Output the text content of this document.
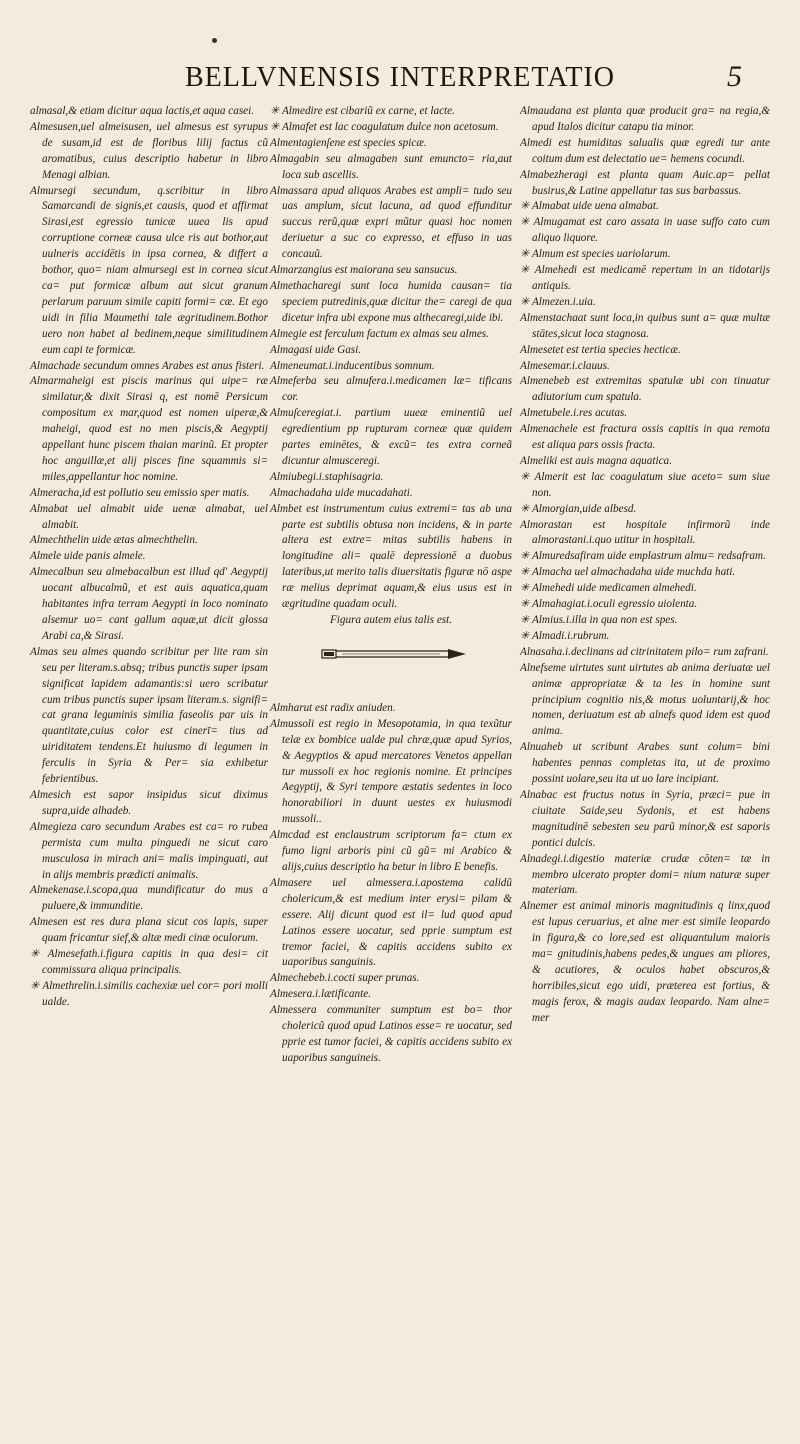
BELLVNENSIS INTERPRETATIO	5

almasal,& etiam dicitur aqua lactis,et aqua casei.

Almesusen,uel almeisusen, uel almesus est syrupus de susam,id est de floribus lilij factus cũ aromatibus, cuius descriptio habetur in libro Menagi albian.

Almursegi secundum, q.scribitur in libro Samarcandi de signis,et causis, quod et affirmat Sirasi,est egressio tunicæ uuea lis apud corruptione corneæ causa ulce ris aut bothor,aut uulneris accidētis in ipsa cornea, & differt a bothor, quo= niam almursegi est in cornea sicut ca= put formicæ album aut sicut granum perlarum paruum simile capiti formi= cæ. Et ego uidi in filia Maumethi tale ægritudinem.Bothor uero non habet al bedinem,neque similitudinem eum capi te formicæ.

Almachade secundum omnes Arabes est anus fisteri.

Almarmaheigi est piscis marinus qui uipe= ræ similatur,& dixit Sirasi q, est nomē Persicum compositum ex mar,quod est nomen uiperæ,& maheigi, quod est no men piscis,& Aegyptij appellant hunc piscem thaian marinũ. Et propter hoc anguillæ,et alij pisces fine squammis si= miles,appellantur hoc nomine.

Almeracha,id est pollutio seu emissio sper matis.

Almabat uel almabit uide uenæ almabat, uel almabit.

Almechthelin uide ætas almechthelin.

Almele uide panis almele.

Almecalbun seu almebacalbun est illud qd' Aegyptij uocant albucalmũ, et est auis aquatica,quam habitantes infra terram Aegypti in loco nominato alsemur uo= cant gallum aquæ,ut dicit glossa Arabi ca,& Sirasi.

Almas seu almes quando scribitur per lite ram sin seu per literam.s.absq; tribus punctis super ipsam significat lapidem adamantis:si uero scribatur cum tribus punctis super ipsam literam.s. signifi= cat grana leguminis similia faseolis par uis in quantitate,cuius color est cinerī= tius ad uiriditatem tendens.Et huiusmo di legumen in ferculis in Syria & Per= sia exhibetur febrientibus.

Almesich est sapor insipidus sicut diximus supra,uide alhadeb.

Almegieza caro secundum Arabes est ca= ro rubea permista cum multa pinguedi ne sicut caro musculosa in mirach ani= malis impinguati, aut in alijs membris prædicti animalis.

Almekenase.i.scopa,qua mundificatur do mus a puluere,& immunditie.

Almesen est res dura plana sicut cos lapis, super quam fricantur sief,& altæ medi cinæ oculorum.

✳ Almesefath.i.figura capitis in qua desi= cit commissura aliqua principalis.

✳ Almethrelin.i.similis cachexiæ uel cor= pori molli ualde.

✳ Almedire est cibariũ ex carne, et lacte.

✳ Almafet est lac coagulatum dulce non acetosum.

Almentagienſene est species spicæ.

Almagabin seu almagaben sunt emuncto= ria,aut loca sub ascellis.

Almassara apud aliquos Arabes est ampli= tudo seu uas amplum, sicut lacuna, ad quod effunditur succus rerũ,quæ expri mũtur quasi hoc nomen deriuetur a suc co expresso, et effuso in uas concauũ.

Almarzangius est maiorana seu sansucus.

Almethacharegi sunt loca humida causan= tia speciem putredinis,quæ dicitur the= caregi de qua dicetur infra ubi expone mus althecaregi,uide ibi.

Almegie est ferculum factum ex almas seu almes.

Almagasi uide Gasi.

Almeneumat.i.inducentibus somnum.

Almeferba seu almufera.i.medicamen læ= tificans cor.

Almuſceregiat.i. partium uueæ eminentiũ uel egredientium pp rupturam corneæ quæ quidem partes eminētes, & excũ= tes extra corneã dicuntur almusceregi.

Almiubegi.i.staphisagria.

Almachadaha uide mucadahati.

Almbet est instrumentum cuius extremi= tas ab una parte est subtilis obtusa non incidens, & in parte altera est extre= mitas subtilis habens in longitudine ali= qualē depressionē a duobus lateribus,ut merito talis diuersitatis figuræ nō aspe ræ melius deprimat aquam,& eius usus est in ægritudine quadam oculi.

Figura autem eius talis est.

Almharut est radix aniuden.

Almussoli est regio in Mesopotamia, in qua texũtur telæ ex bombice ualde pul chræ,quæ apud Syrios, & Aegyptios & apud mercatores Venetos appellan tur mussoli ex hoc regionis nomine. Et principes Aegyptij, & Syri tempore æstatis sedentes in loco honorabiliori in duunt uestes ex huiusmodi mussoli..

Almcdad est enclaustrum scriptorum fa= ctum ex fumo ligni arboris pini cũ gũ= mi Arabico & alijs,cuius descriptio ha betur in libro E benefis.

Almasere uel almessera.i.apostema calidũ cholericum,& est medium inter erysi= pilam & essere. Alij dicunt quod est il= lud quod apud Latinos essere uocatur, sed pprie sumptum est tremor faciei, & capitis accidens subito ex uaporibus sanguinis.

Almechebeb.i.cocti super prunas.

Almesera.i.lætificante.

Almessera communiter sumptum est bo= thor cholericũ quod apud Latinos esse= re uocatur, sed pprie est tumor faciei, & capitis accidens subito ex uaporibus sanguineis.

Almaudana est planta quæ producit gra= na regia,& apud Italos dicitur catapu tia minor.

Almedi est humiditas salualis quæ egredi tur ante coitum dum est delectatio ue= hemens cocundi.

Almabezheragi est planta quam Auic.ap= pellat busirus,& Latine appellatur tas sus barbassus.

✳ Almabat uide uena almabat.

✳ Almugamat est caro assata in uase suffo cato cum aliquo liquore.

✳ Almum est species uariolarum.

✳ Almehedi est medicamē repertum in an tidotarijs antiquis.

✳ Almezen.i.uia.

Almenstachaat sunt loca,in quibus sunt a= quæ multæ stātes,sicut loca stagnosa.

Almesetet est tertia species hecticæ.

Almesemar.i.clauus.

Almenebeb est extremitas spatulæ ubi con tinuatur adiutorium cum spatula.

Almetubele.i.res acutas.

Almenachele est fractura ossis capitis in qua remota est aliqua pars ossis fracta.

Almeliki est auis magna aquatica.

✳ Almerit est lac coagulatum siue aceto= sum siue non.

✳ Almorgian,uide albesd.

Almorastan est hospitale infirmorũ inde almorastani.i.quo utitur in hospitali.

✳ Almuredsafiram uide emplastrum almu= redsafram.

✳ Almacha uel almachadaha uide muchda hati.

✳ Almehedi uide medicamen almehedi.

✳ Almahagiat.i.oculi egressio uiolenta.

✳ Almius.i.illa in qua non est spes.

✳ Almadi.i.rubrum.

Alnasaha.i.declinans ad citrinitatem pilo= rum zafrani.

Alnefseme uirtutes sunt uirtutes ab anima deriuatæ uel animæ appropriatæ & ta les in homine sunt principium cognitio nis,& motus uoluntarij,& hoc nomen, deriuatum est ab alnefs quod idem est quod anima.

Alnuaheb ut scribunt Arabes sunt colum= bini habentes pennas completas ita, ut de proximo possint uolare,seu ita ut uo lare incipiant.

Alnabac est fructus notus in Syria, præci= pue in ciuitate Saide,seu Sydonis, et est habens magnitudinē sebesten seu parũ minor,& est saporis pontici dulcis.

Alnadegi.i.digestio materiæ crudæ cōten= tæ in membro ulcerato propter domi= nium naturæ super materiam.

Alnemer est animal minoris magnitudinis q linx,quod est lupus ceruarius, et alne mer est simile leopardo in figura,& co lore,sed est aliquantulum maioris ma= gnitudinis,habens pedes,& ungues am pliores, & acutiores, & oculos habet obscuros,& horribiles,sicut ego uidi, præterea est fortius, & magis ferox, & magis audax leopardo. Nam alne= mer
